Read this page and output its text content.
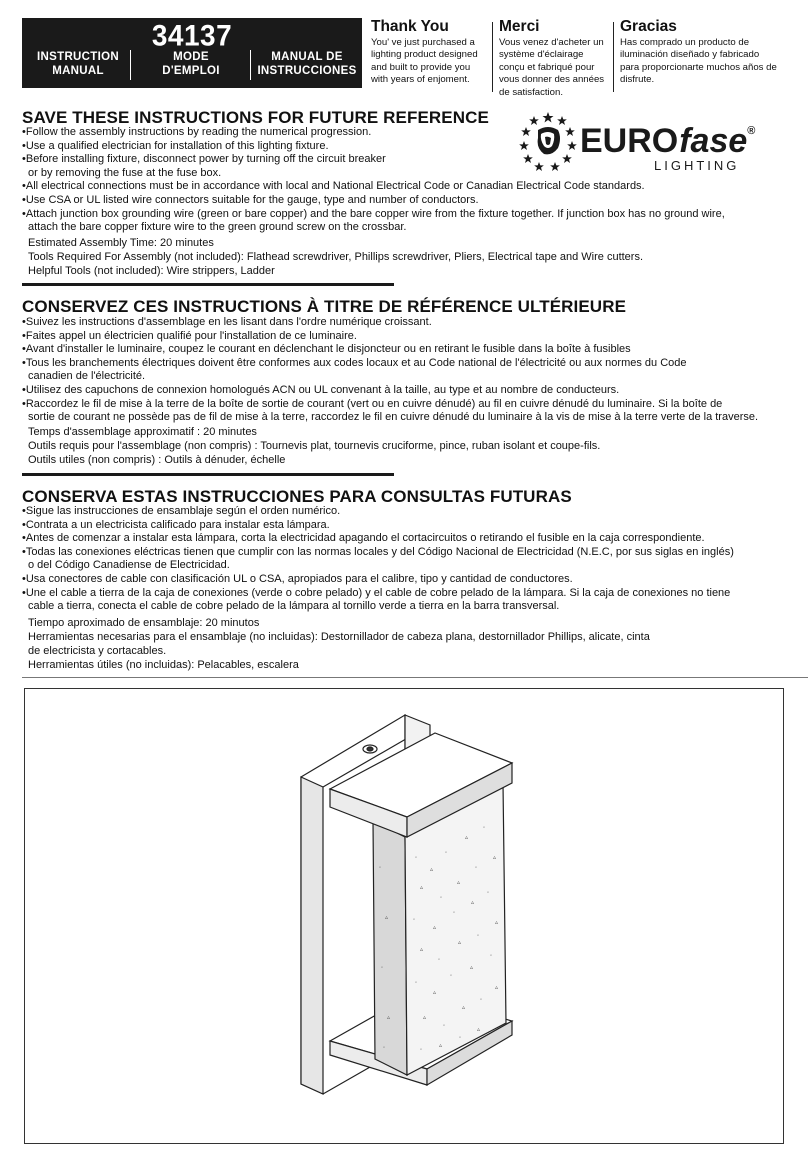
34137
INSTRUCTION
MANUAL
MODE
D'EMPLOI
MANUAL DE
INSTRUCCIONES
Thank You
You' ve just purchased a
lighting product designed
and built to provide you
with years of enjoment.
Merci
Vous venez d'acheter un
système d'éclairage
conçu et fabriqué pour
vous donner des années
de satisfaction.
Gracias
Has comprado un producto de
iluminación diseñado y fabricado
para proporcionarte muchos años de
disfrute.
EUROfase®
LIGHTING
SAVE THESE INSTRUCTIONS FOR FUTURE REFERENCE
•Follow the assembly instructions by reading the numerical progression.
•Use a qualified electrician for installation of this lighting fixture.
•Before installing fixture, disconnect power by turning off the circuit breaker
or by removing the fuse at the fuse box.
•All electrical connections must be in accordance with local and National Electrical Code or Canadian Electrical Code standards.
•Use CSA or UL listed wire connectors suitable for the gauge, type and number of conductors.
•Attach junction box grounding wire (green or bare copper) and the bare copper wire from the fixture together. If junction box has no ground wire,
attach the bare copper fixture wire to the green ground screw on the crossbar.
Estimated Assembly Time: 20 minutes
Tools Required For Assembly (not included): Flathead screwdriver, Phillips screwdriver, Pliers, Electrical tape and Wire cutters.
Helpful Tools (not included): Wire strippers, Ladder
CONSERVEZ CES INSTRUCTIONS À TITRE DE RÉFÉRENCE ULTÉRIEURE
•Suivez les instructions d'assemblage en les lisant dans l'ordre numérique croissant.
•Faites appel un électricien qualifié pour l'installation de ce luminaire.
•Avant d'installer le luminaire, coupez le courant en déclenchant le disjoncteur ou en retirant le fusible dans la boîte à fusibles
•Tous les branchements électriques doivent être conformes aux codes locaux et au Code national de l'électricité ou aux normes du Code
canadien de l'électricité.
•Utilisez des capuchons de connexion homologués ACN ou UL convenant à la taille, au type et au nombre de conducteurs.
•Raccordez le fil de mise à la terre de la boîte de sortie de courant (vert ou en cuivre dénudé) au fil en cuivre dénudé du luminaire. Si la boîte de
sortie de courant ne possède pas de fil de mise à la terre, raccordez le fil en cuivre dénudé du luminaire à la vis de mise à la terre verte de la traverse.
Temps d'assemblage approximatif : 20 minutes
Outils requis pour l'assemblage (non compris) : Tournevis plat, tournevis cruciforme, pince, ruban isolant et coupe-fils.
Outils utiles (non compris) : Outils à dénuder, échelle
CONSERVA ESTAS INSTRUCCIONES PARA CONSULTAS FUTURAS
•Sigue las instrucciones de ensamblaje según el orden numérico.
•Contrata a un electricista calificado para instalar esta lámpara.
•Antes de comenzar a instalar esta lámpara, corta la electricidad apagando el cortacircuitos o retirando el fusible en la caja correspondiente.
•Todas las conexiones eléctricas tienen que cumplir con las normas locales y del Código Nacional de Electricidad (N.E.C, por sus siglas en inglés)
o del Código Canadiense de Electricidad.
•Usa conectores de cable con clasificación UL o CSA, apropiados para el calibre, tipo y cantidad de conductores.
•Une el cable a tierra de la caja de conexiones (verde o cobre pelado) y el cable de cobre pelado de la lámpara. Si la caja de conexiones no tiene
cable a tierra, conecta el cable de cobre pelado de la lámpara al tornillo verde a tierra en la barra transversal.
Tiempo aproximado de ensamblaje: 20 minutos
Herramientas necesarias para el ensamblaje (no incluidas): Destornillador de cabeza plana, destornillador Phillips, alicate, cinta
de electricista y cortacables.
Herramientas útiles (no incluidas): Pelacables, escalera
◦
▵
◦
▵
◦
▵
◦
▵
◦
▵
◦
▵
◦
▵
◦
▵
◦
▵
◦
▵
◦
▵
◦
▵
◦
▵
◦
▵
◦
▵
◦
▵
◦
▵
◦
▵
◦
▵
◦
